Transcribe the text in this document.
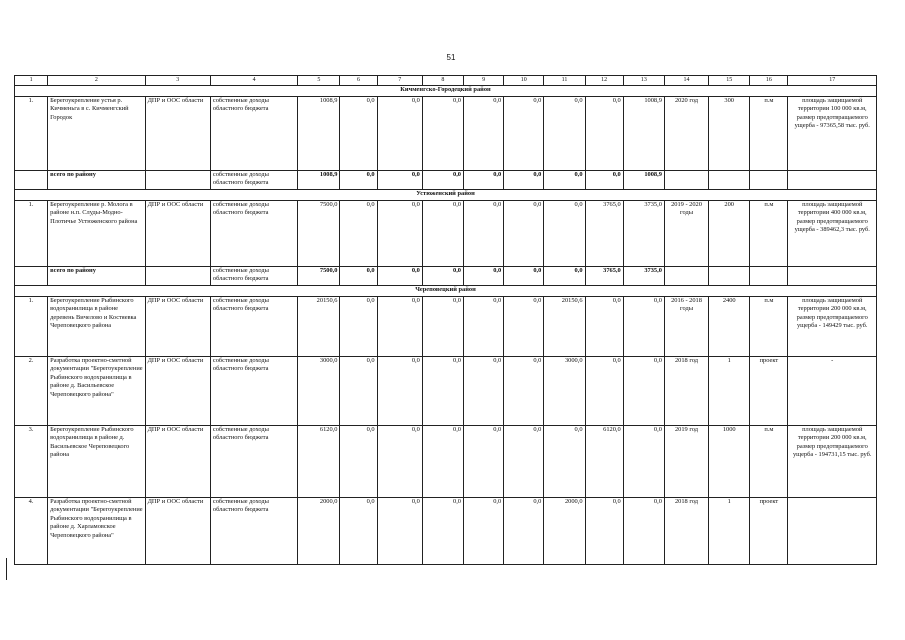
51
1	2	3	4	5	6	7	8	9	10	11	12	13	14	15	16	17
Кичменгско-Городецкий район																
1.	Берегоукрепление устья р. Кичменьга в с. Кичменгский Городок	ДПР и ООС области	собственные доходы областного бюджета	1008,9	0,0	0,0	0,0	0,0	0,0	0,0	0,0	1008,9	2020 год	300	п.м	площадь защищаемой территории 100 000 кв.м, размер предотвращаемого ущерба - 97365,58 тыс. руб.
	всего по району		собственные доходы областного бюджета	1008,9	0,0	0,0	0,0	0,0	0,0	0,0	0,0	1008,9				
Устюженский район																
1.	Берегоукрепление р. Молога в районе н.п. Слуды-Модно-Плотичье Устюженского района	ДПР и ООС области	собственные доходы областного бюджета	7500,0	0,0	0,0	0,0	0,0	0,0	0,0	3765,0	3735,0	2019 - 2020 годы	200	п.м	площадь защищаемой территории 400 000 кв.м, размер предотвращаемого ущерба - 389462,3 тыс. руб.
	всего по району		собственные доходы областного бюджета	7500,0	0,0	0,0	0,0	0,0	0,0	0,0	3765,0	3735,0				
Череповецкий район																
1.	Берегоукрепление Рыбинского водохранилища в районе деревень Вичелово и Костяевка Череповецкого района	ДПР и ООС области	собственные доходы областного бюджета	20150,6	0,0	0,0	0,0	0,0	0,0	20150,6	0,0	0,0	2016 - 2018 годы	2400	п.м	площадь защищаемой территории 200 000 кв.м, размер предотвращаемого ущерба - 149429 тыс. руб.
2.	Разработка проектно-сметной документации "Берегоукрепление Рыбинского водохранилища в районе д. Васильевское Череповецкого района"	ДПР и ООС области	собственные доходы областного бюджета	3000,0	0,0	0,0	0,0	0,0	0,0	3000,0	0,0	0,0	2018 год	1	проект	-
3.	Берегоукрепление Рыбинского водохранилища в районе д. Васильевское Череповецкого района	ДПР и ООС области	собственные доходы областного бюджета	6120,0	0,0	0,0	0,0	0,0	0,0	0,0	6120,0	0,0	2019 год	1000	п.м	площадь защищаемой территории 200 000 кв.м, размер предотвращаемого ущерба - 194731,15 тыс. руб.
4.	Разработка проектно-сметной документации "Берегоукрепление Рыбинского водохранилища в районе д. Харламовское Череповецкого района"	ДПР и ООС области	собственные доходы областного бюджета	2000,0	0,0	0,0	0,0	0,0	0,0	2000,0	0,0	0,0	2018 год	1	проект	
